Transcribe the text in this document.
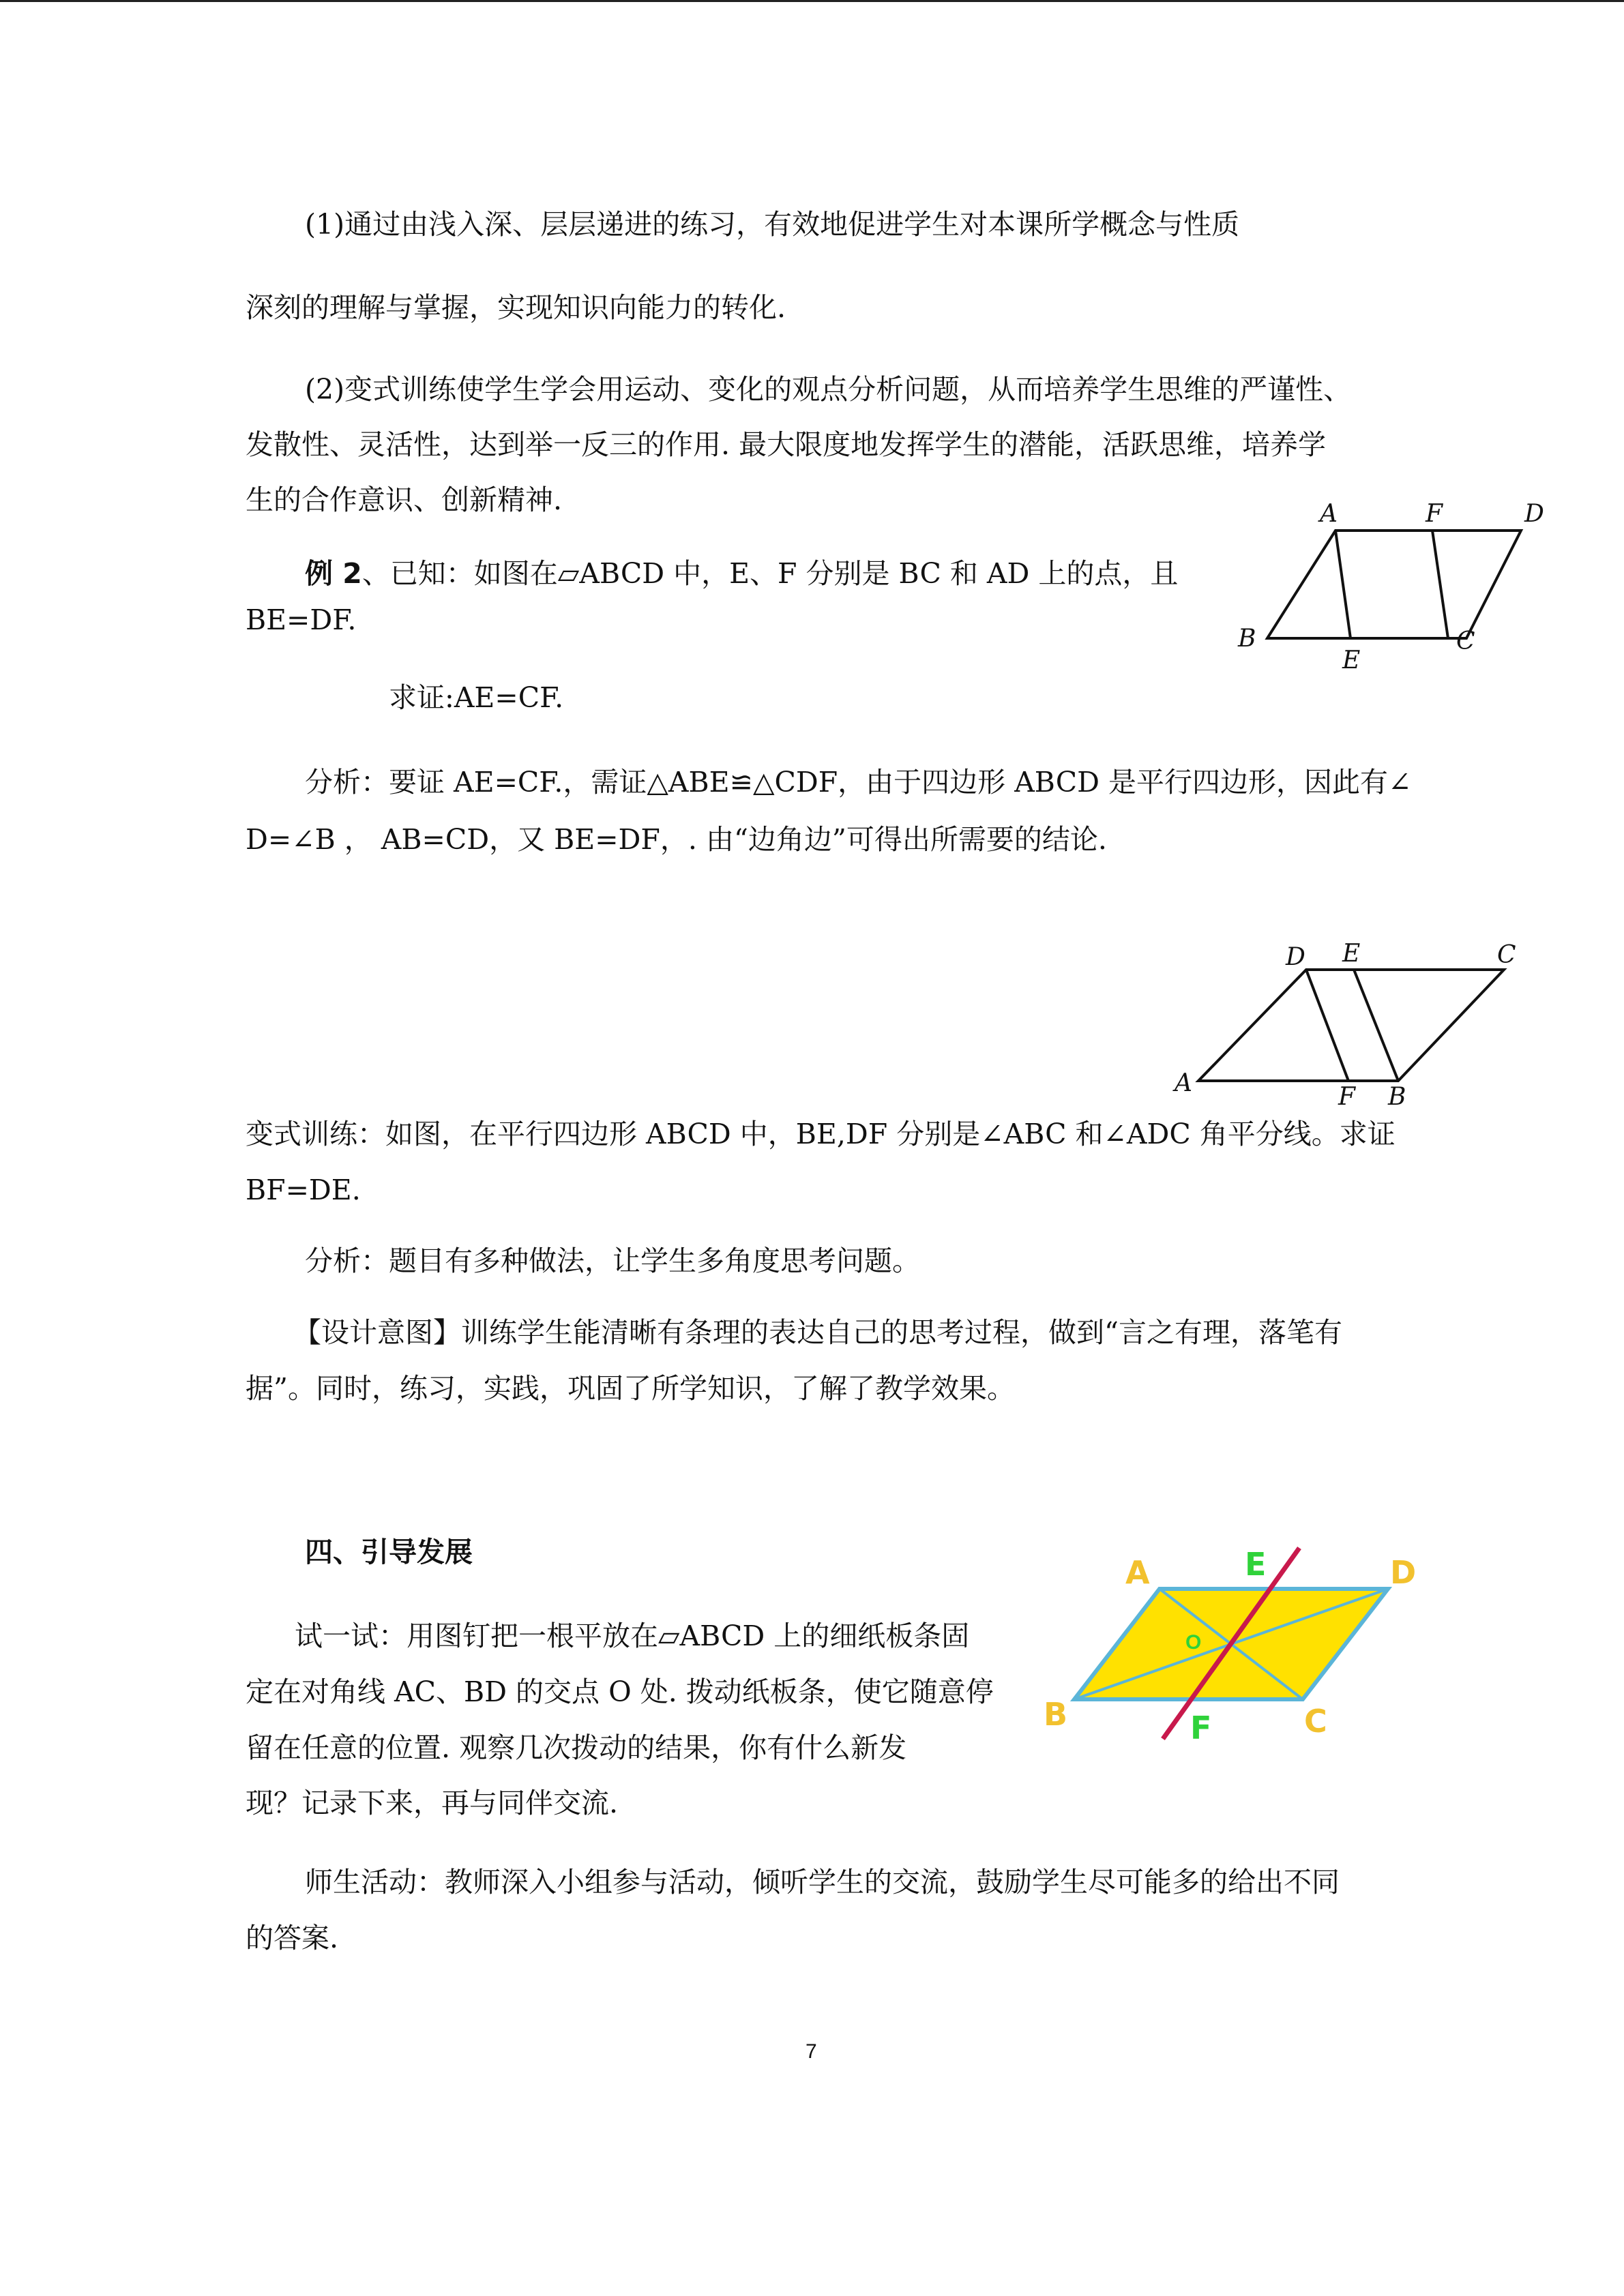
(1)通过由浅入深、层层递进的练习，有效地促进学生对本课所学概念与性质
深刻的理解与掌握，实现知识向能力的转化.
(2)变式训练使学生学会用运动、变化的观点分析问题，从而培养学生思维的严谨性、
发散性、灵活性，达到举一反三的作用. 最大限度地发挥学生的潜能，活跃思维，培养学
生的合作意识、创新精神.
例 2、已知：如图在▱ABCD 中，E、F 分别是 BC 和 AD 上的点，且
BE=DF.
求证:AE=CF.
分析：要证 AE=CF.，需证△ABE≌△CDF，由于四边形 ABCD 是平行四边形，因此有∠
D=∠B ， AB=CD，又 BE=DF，. 由“边角边”可得出所需要的结论.
A	F	D
B
E
C
D E	C
A	F B
变式训练：如图，在平行四边形 ABCD 中，BE,DF 分别是∠ABC 和∠ADC 角平分线。求证
BF=DE.
分析：题目有多种做法，让学生多角度思考问题。
【设计意图】训练学生能清晰有条理的表达自己的思考过程，做到“言之有理，落笔有
据”。同时，练习，实践，巩固了所学知识，了解了教学效果。
四、引导发展
试一试：用图钉把一根平放在▱ABCD 上的细纸板条固
定在对角线 AC、BD 的交点 O 处. 拨动纸板条，使它随意停
留在任意的位置. 观察几次拨动的结果，你有什么新发
现？记录下来，再与同伴交流.
A	E	D
O
B	F	C
师生活动：教师深入小组参与活动，倾听学生的交流，鼓励学生尽可能多的给出不同
的答案.
7
